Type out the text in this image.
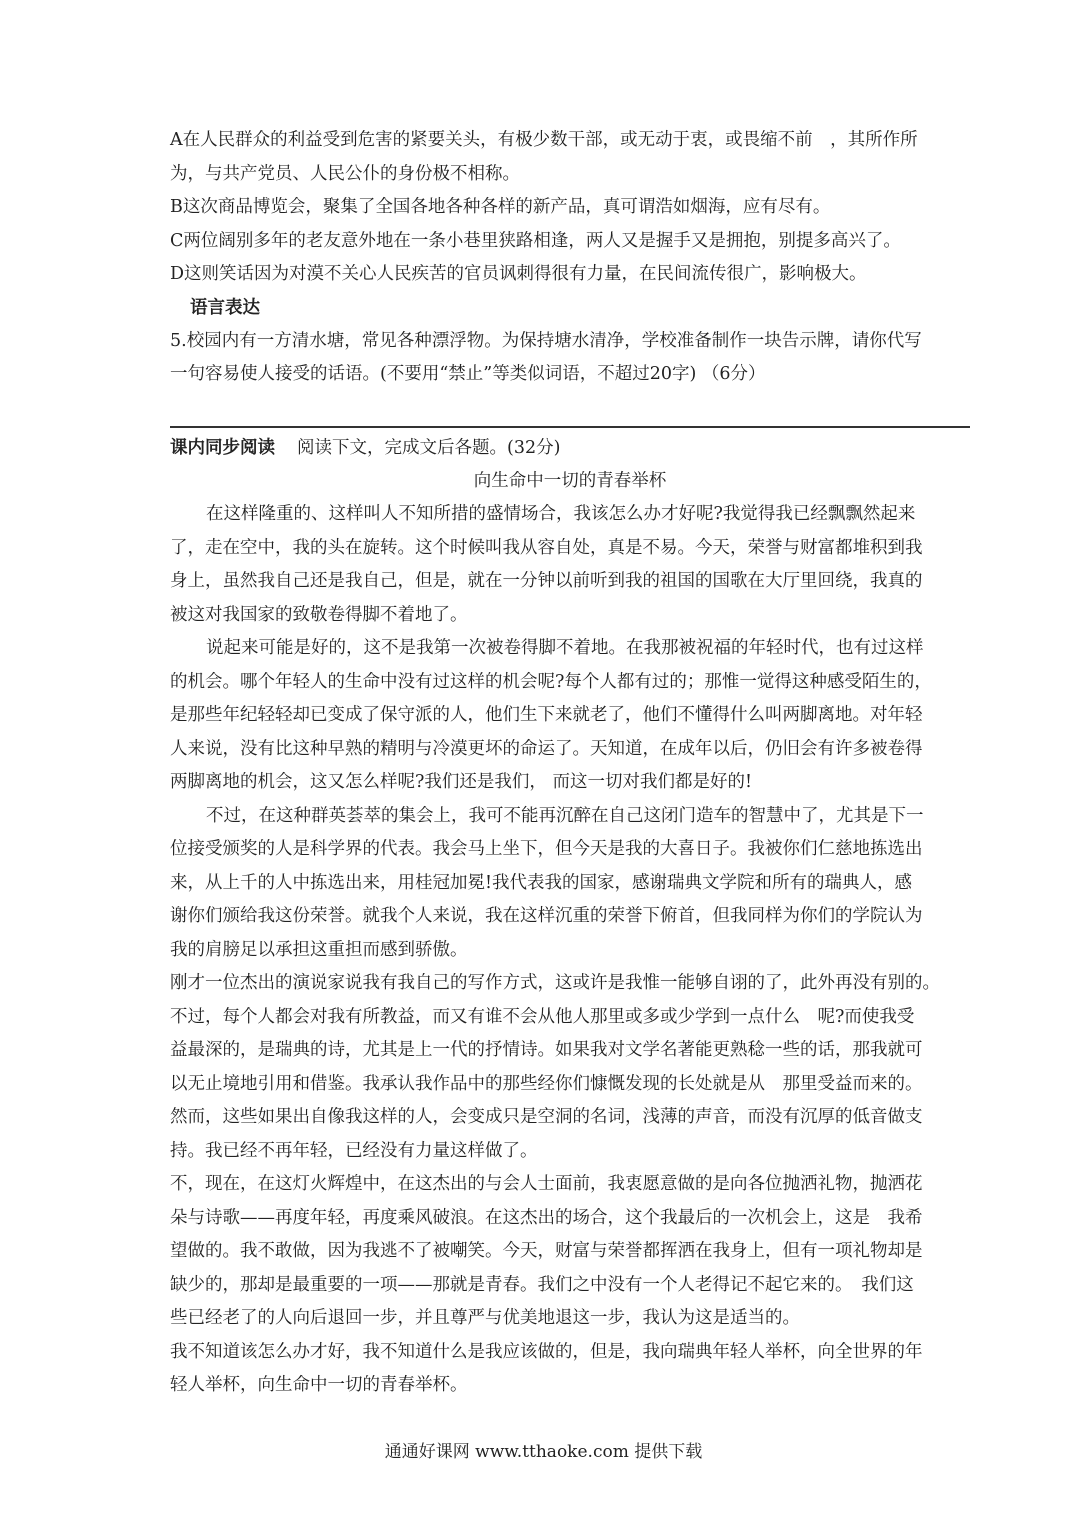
A在人民群众的利益受到危害的紧要关头，有极少数干部，或无动于衷，或畏缩不前　，其所作所

为，与共产党员、人民公仆的身份极不相称。

B这次商品博览会，聚集了全国各地各种各样的新产品，真可谓浩如烟海，应有尽有。

C两位阔别多年的老友意外地在一条小巷里狭路相逢，两人又是握手又是拥抱，别提多高兴了。

D这则笑话因为对漠不关心人民疾苦的官员讽刺得很有力量，在民间流传很广，影响极大。

语言表达

5.校园内有一方清水塘，常见各种漂浮物。为保持塘水清净，学校准备制作一块告示牌，请你代写

一句容易使人接受的话语。(不要用“禁止”等类似词语，不超过20字) （6分）

课内同步阅读 阅读下文，完成文后各题。(32分)

向生命中一切的青春举杯

在这样隆重的、这样叫人不知所措的盛情场合，我该怎么办才好呢?我觉得我已经飘飘然起来

了，走在空中，我的头在旋转。这个时候叫我从容自处，真是不易。今天，荣誉与财富都堆积到我

身上，虽然我自己还是我自己，但是，就在一分钟以前听到我的祖国的国歌在大厅里回绕，我真的

被这对我国家的致敬卷得脚不着地了。

说起来可能是好的，这不是我第一次被卷得脚不着地。在我那被祝福的年轻时代，也有过这样

的机会。哪个年轻人的生命中没有过这样的机会呢?每个人都有过的；那惟一觉得这种感受陌生的，

是那些年纪轻轻却已变成了保守派的人，他们生下来就老了，他们不懂得什么叫两脚离地。对年轻

人来说，没有比这种早熟的精明与冷漠更坏的命运了。天知道，在成年以后，仍旧会有许多被卷得

两脚离地的机会，这又怎么样呢?我们还是我们， 而这一切对我们都是好的!

不过，在这种群英荟萃的集会上，我可不能再沉醉在自己这闭门造车的智慧中了，尤其是下一

位接受颁奖的人是科学界的代表。我会马上坐下，但今天是我的大喜日子。我被你们仁慈地拣选出

来，从上千的人中拣选出来，用桂冠加冕!我代表我的国家，感谢瑞典文学院和所有的瑞典人，感

谢你们颁给我这份荣誉。就我个人来说，我在这样沉重的荣誉下俯首，但我同样为你们的学院认为

我的肩膀足以承担这重担而感到骄傲。

刚才一位杰出的演说家说我有我自己的写作方式，这或许是我惟一能够自诩的了，此外再没有别的。

不过，每个人都会对我有所教益，而又有谁不会从他人那里或多或少学到一点什么　呢?而使我受

益最深的，是瑞典的诗，尤其是上一代的抒情诗。如果我对文学名著能更熟稔一些的话，那我就可

以无止境地引用和借鉴。我承认我作品中的那些经你们慷慨发现的长处就是从　那里受益而来的。

然而，这些如果出自像我这样的人，会变成只是空洞的名词，浅薄的声音，而没有沉厚的低音做支

持。我已经不再年轻，已经没有力量这样做了。

不，现在，在这灯火辉煌中，在这杰出的与会人士面前，我衷愿意做的是向各位抛洒礼物，抛洒花

朵与诗歌——再度年轻，再度乘风破浪。在这杰出的场合，这个我最后的一次机会上，这是　我希

望做的。我不敢做，因为我逃不了被嘲笑。今天，财富与荣誉都挥洒在我身上，但有一项礼物却是

缺少的，那却是最重要的一项——那就是青春。我们之中没有一个人老得记不起它来的。　我们这

些已经老了的人向后退回一步，并且尊严与优美地退这一步，我认为这是适当的。

我不知道该怎么办才好，我不知道什么是我应该做的，但是，我向瑞典年轻人举杯，向全世界的年

轻人举杯，向生命中一切的青春举杯。

通通好课网 www.tthaoke.com 提供下载
